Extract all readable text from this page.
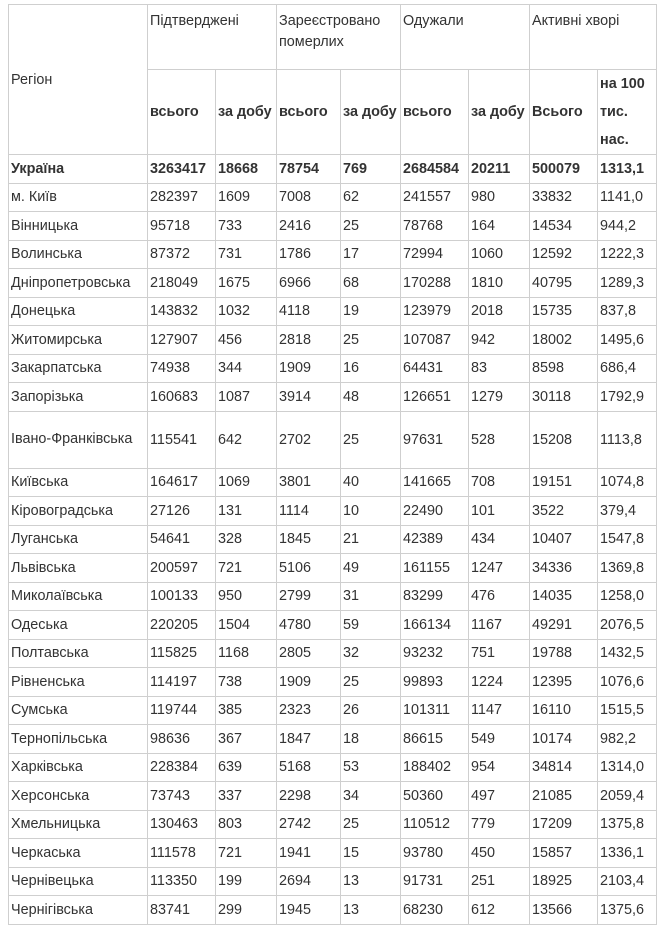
Регіон	Підтверджені		Зареєстровано померлих		Одужали		Активні хворі	
	всього	за добу	всього	за добу	всього	за добу	Всього	на 100 тис. нас.
Україна	3263417	18668	78754	769	2684584	20211	500079	1313,1
м. Київ	282397	1609	7008	62	241557	980	33832	1141,0
Вінницька	95718	733	2416	25	78768	164	14534	944,2
Волинська	87372	731	1786	17	72994	1060	12592	1222,3
Дніпропетровська	218049	1675	6966	68	170288	1810	40795	1289,3
Донецька	143832	1032	4118	19	123979	2018	15735	837,8
Житомирська	127907	456	2818	25	107087	942	18002	1495,6
Закарпатська	74938	344	1909	16	64431	83	8598	686,4
Запорізька	160683	1087	3914	48	126651	1279	30118	1792,9
Івано-Франківська	115541	642	2702	25	97631	528	15208	1113,8
Київська	164617	1069	3801	40	141665	708	19151	1074,8
Кіровоградська	27126	131	1114	10	22490	101	3522	379,4
Луганська	54641	328	1845	21	42389	434	10407	1547,8
Львівська	200597	721	5106	49	161155	1247	34336	1369,8
Миколаївська	100133	950	2799	31	83299	476	14035	1258,0
Одеська	220205	1504	4780	59	166134	1167	49291	2076,5
Полтавська	115825	1168	2805	32	93232	751	19788	1432,5
Рівненська	114197	738	1909	25	99893	1224	12395	1076,6
Сумська	119744	385	2323	26	101311	1147	16110	1515,5
Тернопільська	98636	367	1847	18	86615	549	10174	982,2
Харківська	228384	639	5168	53	188402	954	34814	1314,0
Херсонська	73743	337	2298	34	50360	497	21085	2059,4
Хмельницька	130463	803	2742	25	110512	779	17209	1375,8
Черкаська	111578	721	1941	15	93780	450	15857	1336,1
Чернівецька	113350	199	2694	13	91731	251	18925	2103,4
Чернігівська	83741	299	1945	13	68230	612	13566	1375,6
